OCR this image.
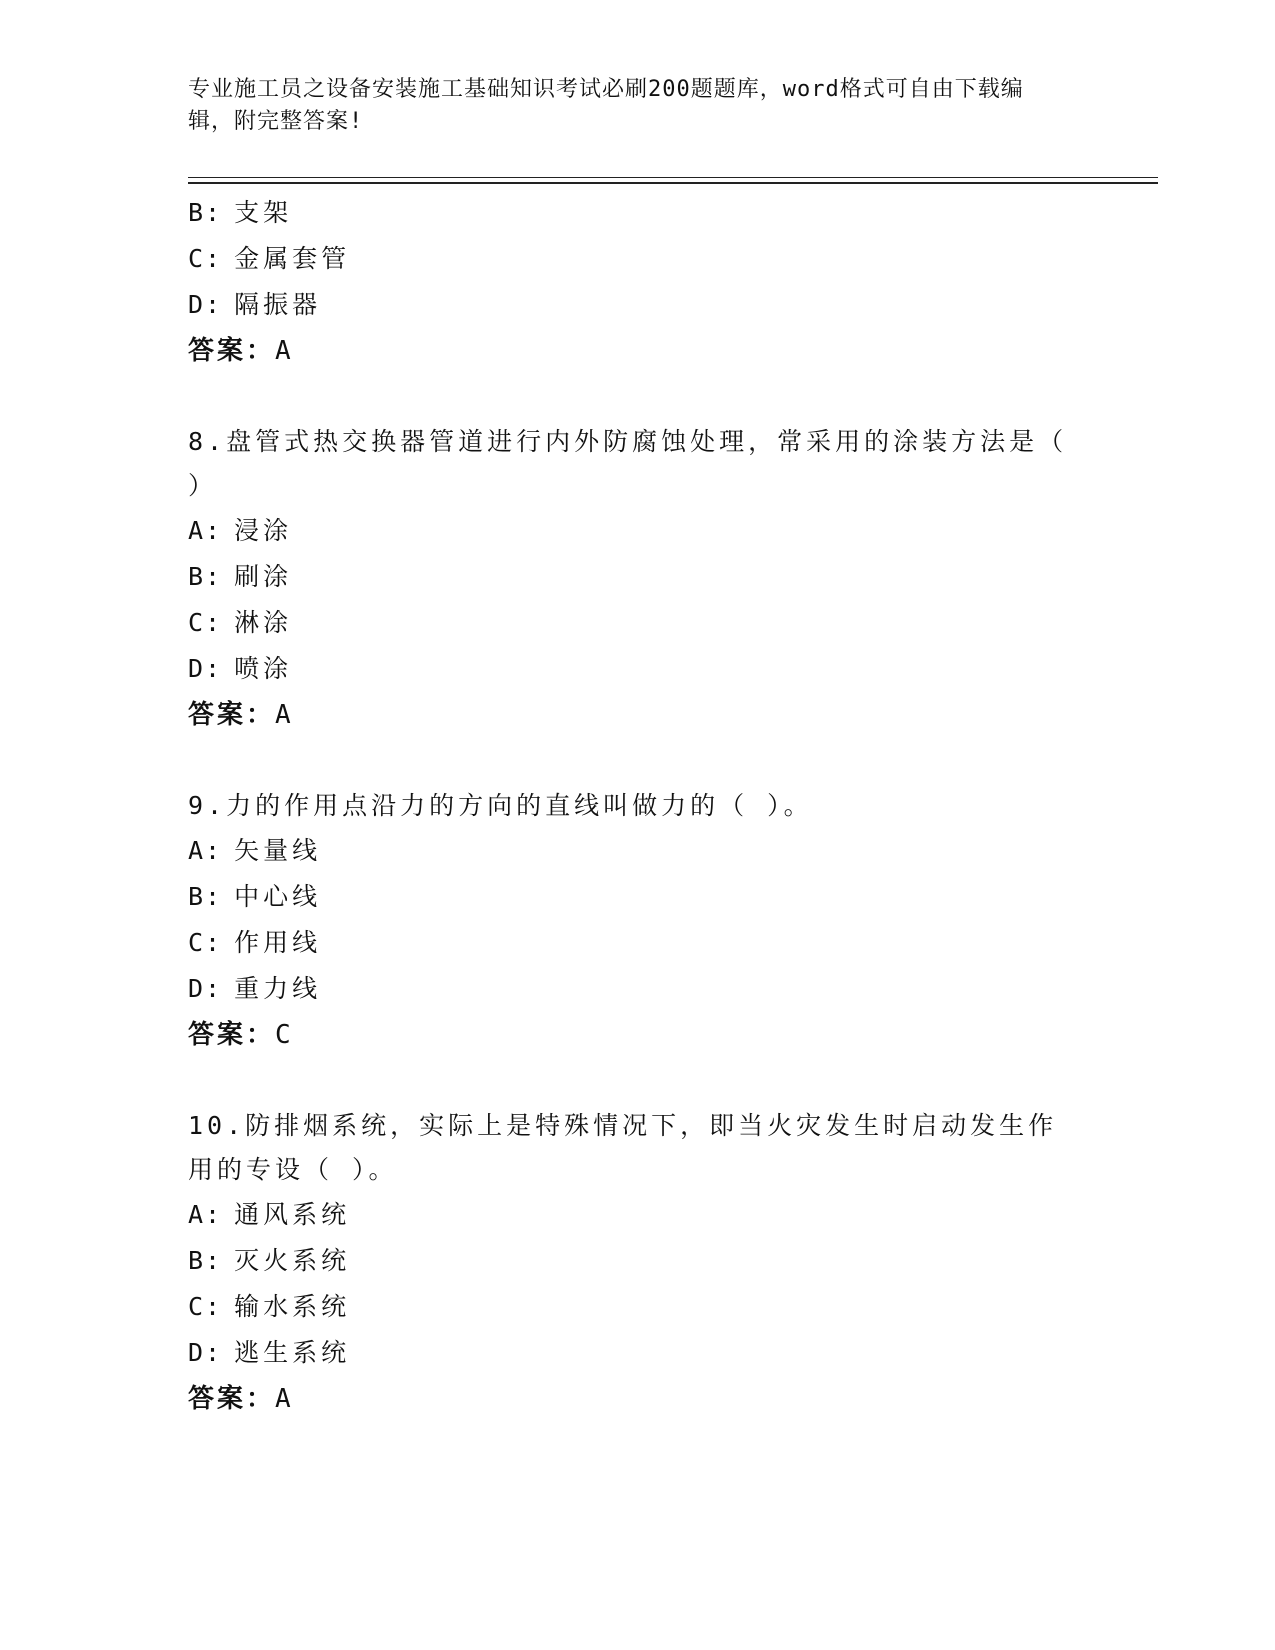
专业施工员之设备安装施工基础知识考试必刷200题题库，word格式可自由下载编辑，附完整答案!
B: 支架
C: 金属套管
D: 隔振器
答案：A
8.盘管式热交换器管道进行内外防腐蚀处理，常采用的涂装方法是（ ）
A: 浸涂
B: 刷涂
C: 淋涂
D: 喷涂
答案：A
9.力的作用点沿力的方向的直线叫做力的（ ）。
A: 矢量线
B: 中心线
C: 作用线
D: 重力线
答案：C
10.防排烟系统，实际上是特殊情况下，即当火灾发生时启动发生作用的专设（ ）。
A: 通风系统
B: 灭火系统
C: 输水系统
D: 逃生系统
答案：A
